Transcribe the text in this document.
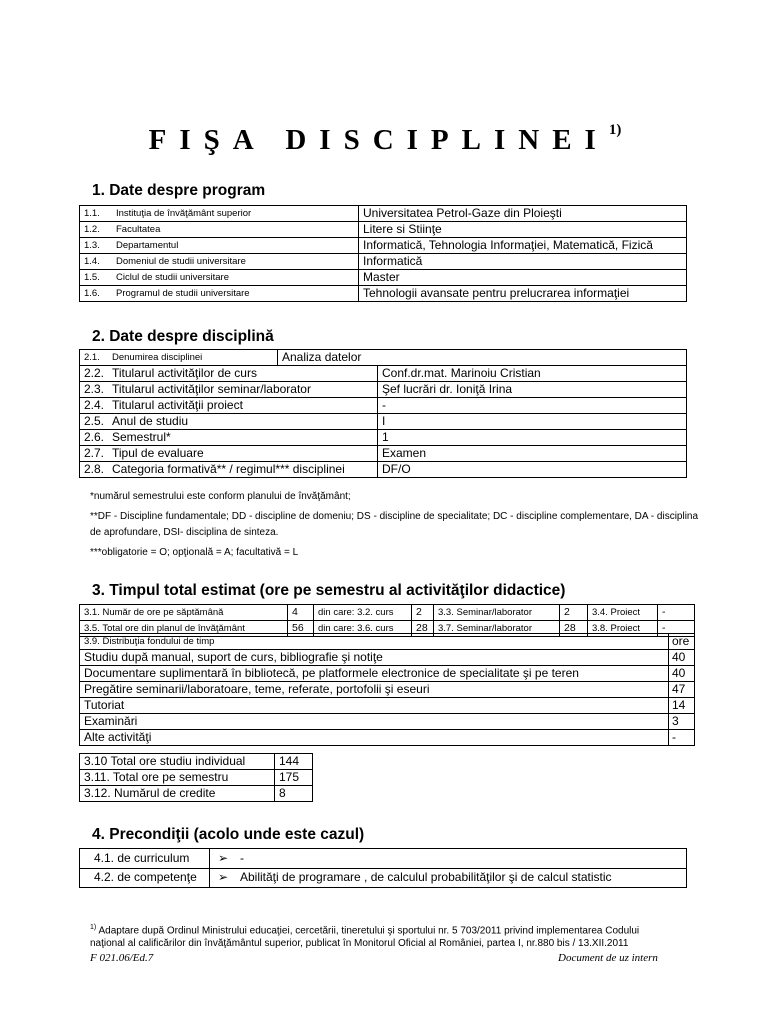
FIŞA DISCIPLINEI$^{1)}$
1. Date despre program
1.1. Instituţia de învăţământ superior	Universitatea Petrol-Gaze din Ploieşti
1.2. Facultatea	Litere si Stiinţe
1.3. Departamentul	Informatică, Tehnologia Informaţiei, Matematică, Fizică
1.4. Domeniul de studii universitare	Informatică
1.5. Ciclul de studii universitare	Master
1.6. Programul de studii universitare	Tehnologii avansate pentru prelucrarea informaţiei
2. Date despre disciplină
2.1. Denumirea disciplinei	Analiza datelor	
2.2. Titularul activităţilor de curs		Conf.dr.mat. Marinoiu Cristian
2.3. Titularul activităţilor seminar/laborator		Şef lucrări dr. Ioniţă Irina
2.4. Titularul activităţii proiect		-
2.5. Anul de studiu		I
2.6. Semestrul*		1
2.7. Tipul de evaluare		Examen
2.8. Categoria formativă** / regimul*** disciplinei		DF/O
*numărul semestrului este conform planului de învăţământ;
**DF - Discipline fundamentale; DD - discipline de domeniu; DS - discipline de specialitate; DC - discipline complementare, DA - disciplina de aprofundare, DSI- disciplina de sinteza.
***obligatorie = O; opţională = A; facultativă = L
3. Timpul total estimat (ore pe semestru al activităţilor didactice)
3.1. Număr de ore pe săptămână	4	din care: 3.2. curs	2	3.3. Seminar/laborator	2	3.4. Proiect	-
3.5. Total ore din planul de învăţământ	56	din care: 3.6. curs	28	3.7. Seminar/laborator	28	3.8. Proiect	-
3.9. Distribuţia fondului de timp	ore
Studiu după manual, suport de curs, bibliografie şi notiţe	40
Documentare suplimentară în bibliotecă, pe platformele electronice de specialitate şi pe teren	40
Pregătire seminarii/laboratoare, teme, referate, portofolii şi eseuri	47
Tutoriat	14
Examinări	3
Alte activităţi	-
3.10 Total ore studiu individual	144
3.11. Total ore pe semestru	175
3.12. Numărul de credite	8
4. Precondiţii (acolo unde este cazul)
4.1. de curriculum	➢ -
4.2. de competenţe	➢ Abilităţi de programare , de calculul probabilităţilor şi de calcul statistic
$^{1)}$ Adaptare după Ordinul Ministrului educaţiei, cercetării, tineretului şi sportului nr. 5 703/2011 privind implementarea Codului
naţional al calificărilor din învăţământul superior, publicat în Monitorul Oficial al României, partea I, nr.880 bis / 13.XII.2011
F 021.06/Ed.7	Document de uz intern
